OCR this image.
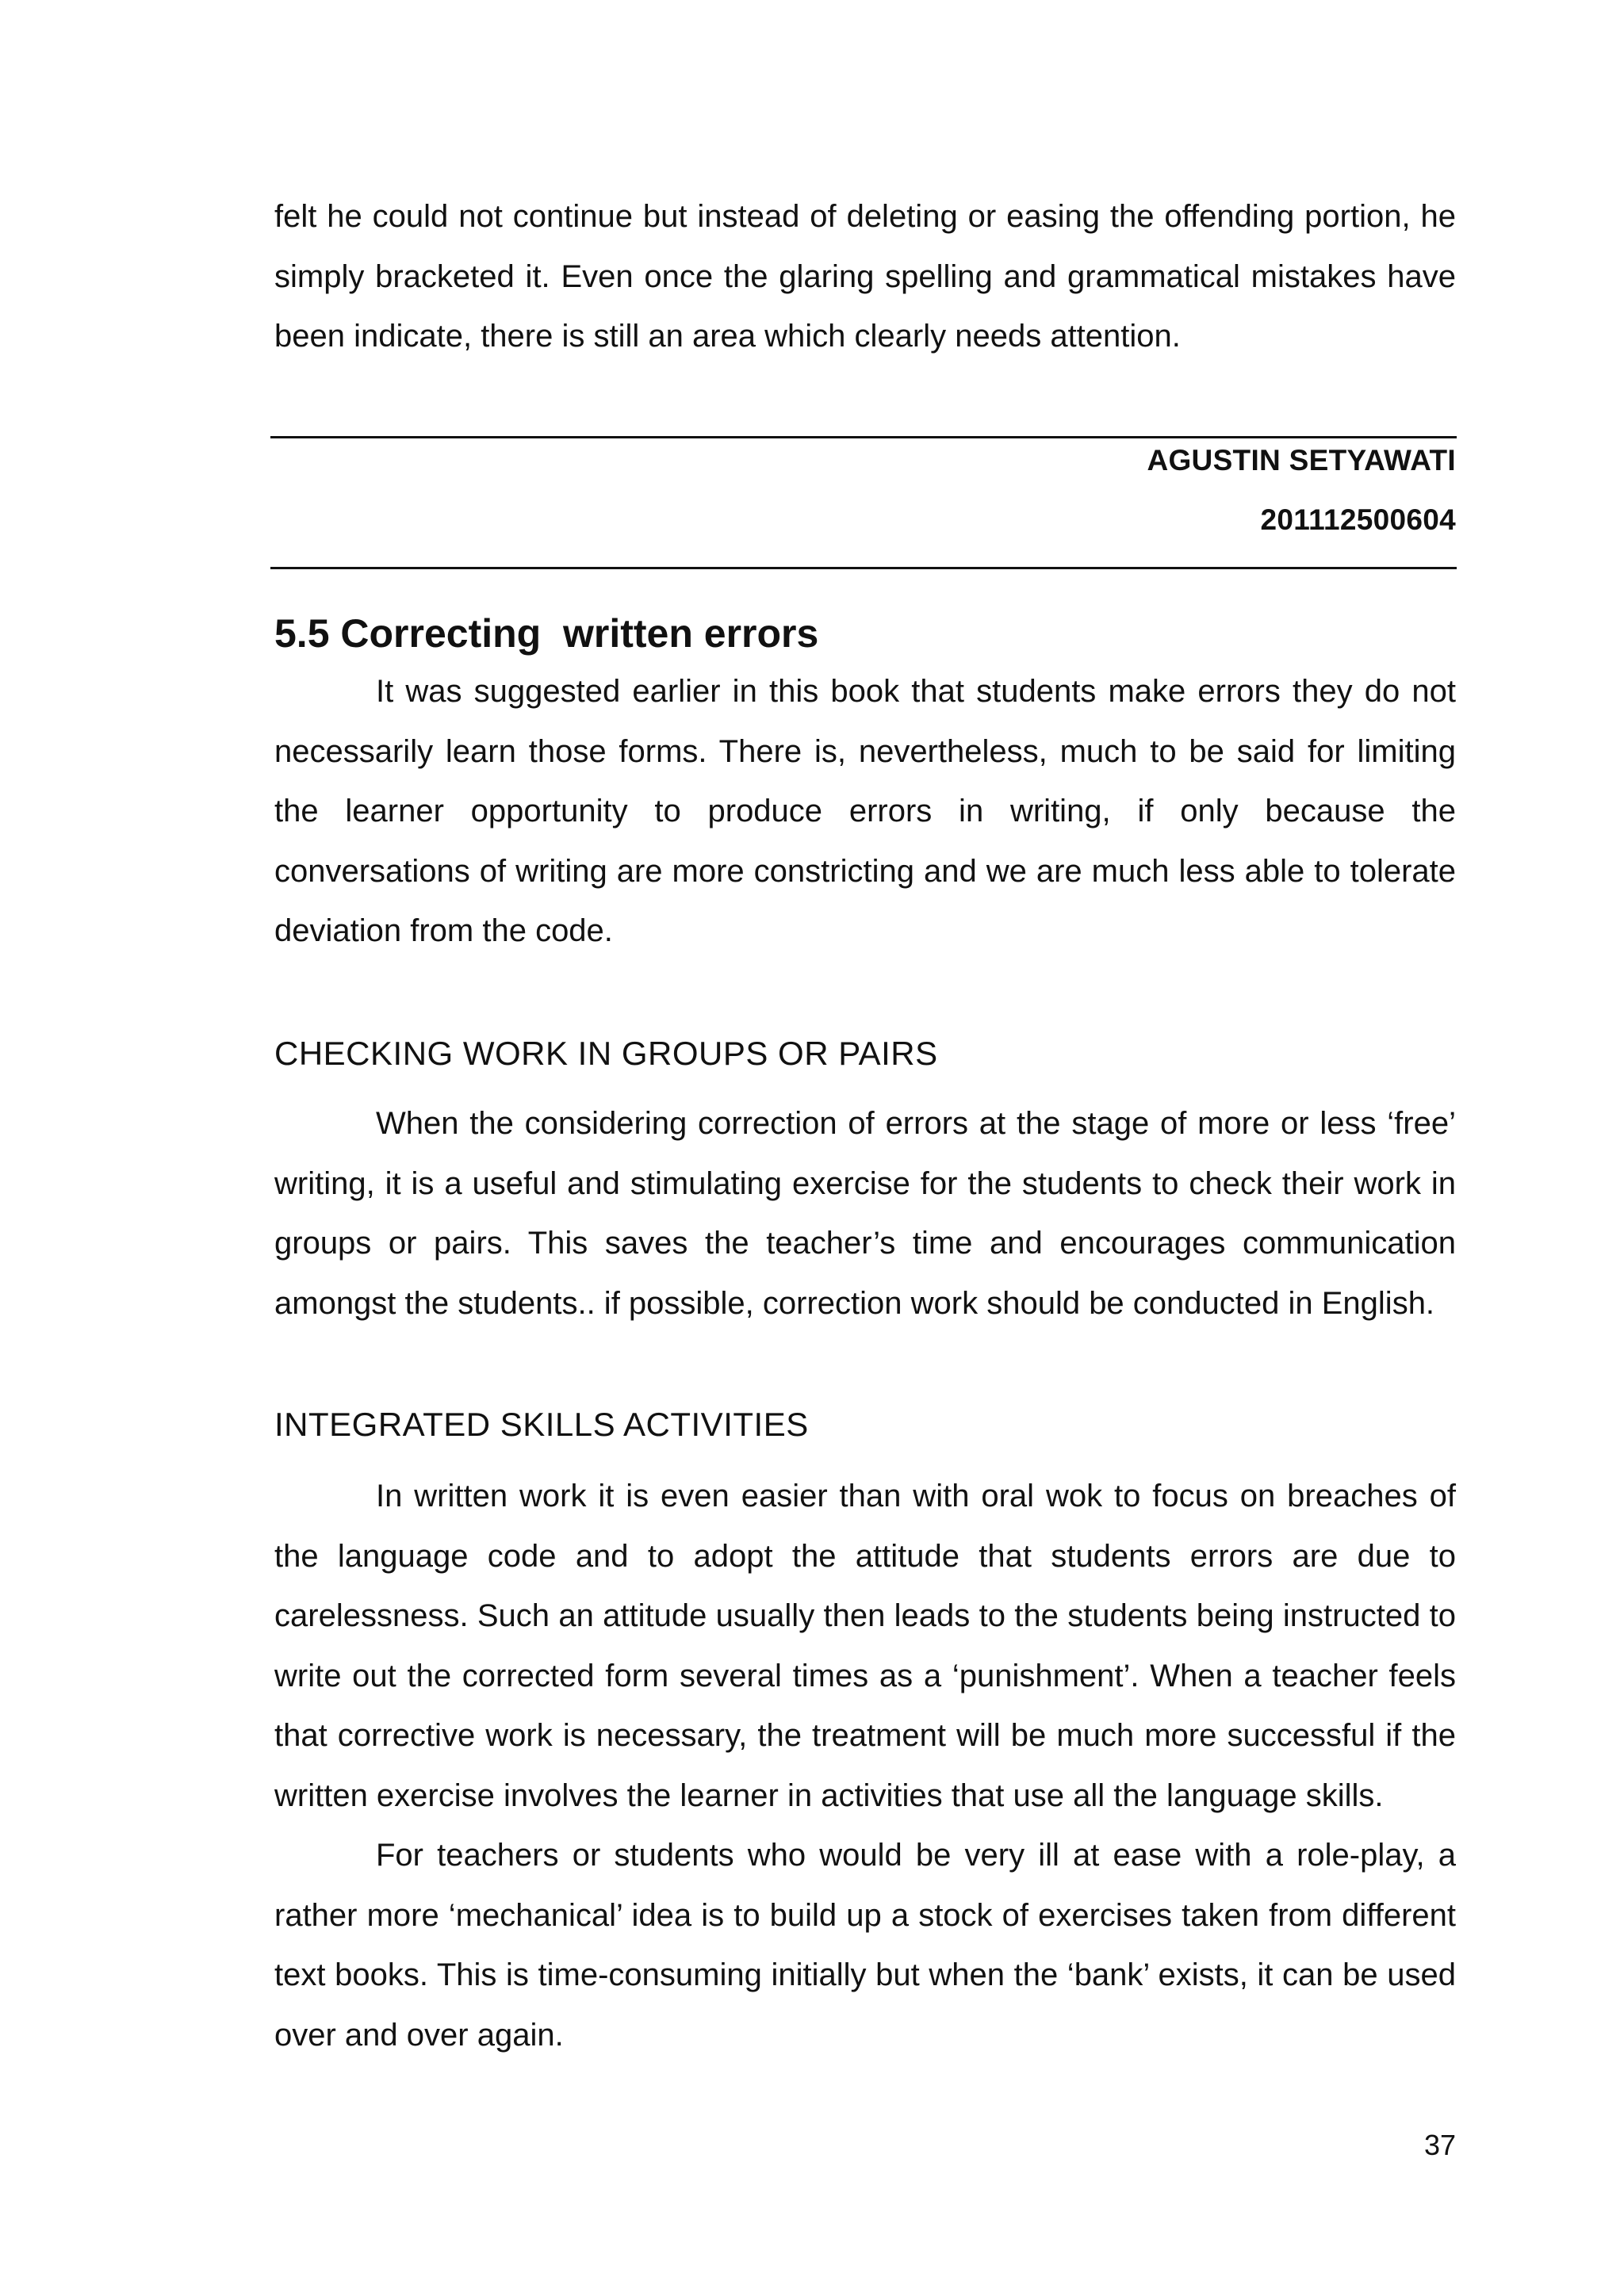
felt he could not continue but instead of deleting or easing the offending portion, he simply bracketed it. Even once the glaring spelling and grammatical mistakes have been indicate, there is still an area which clearly needs attention.

AGUSTIN SETYAWATI
201112500604
5.5 Correcting  written errors

It was suggested earlier in this book that students make errors they do not necessarily learn those forms. There is, nevertheless, much to be said for limiting the learner opportunity to produce errors in writing, if only because the conversations of writing are more constricting and we are much less able to tolerate deviation from the code.

CHECKING WORK IN GROUPS OR PAIRS

When the considering correction of errors at the stage of more or less ‘free’ writing, it is a useful and stimulating exercise for the students to check their work in groups or pairs. This saves the teacher’s time and encourages communication amongst the students.. if possible, correction work should be conducted in English.

INTEGRATED SKILLS ACTIVITIES

In written work it is even easier than with oral wok to focus on breaches of the language code and to adopt the attitude that students errors are due to carelessness. Such an attitude usually then leads to the students being instructed to write out the corrected form several times as a ‘punishment’. When a teacher feels that corrective work is necessary, the treatment will be much more successful if the written exercise involves the learner in activities that use all the language skills.

For teachers or students who would be very ill at ease with a role-play, a rather more ‘mechanical’ idea is to build up a stock of exercises taken from different text books. This is time-consuming initially but when the ‘bank’ exists, it can be used over and over again.

37
